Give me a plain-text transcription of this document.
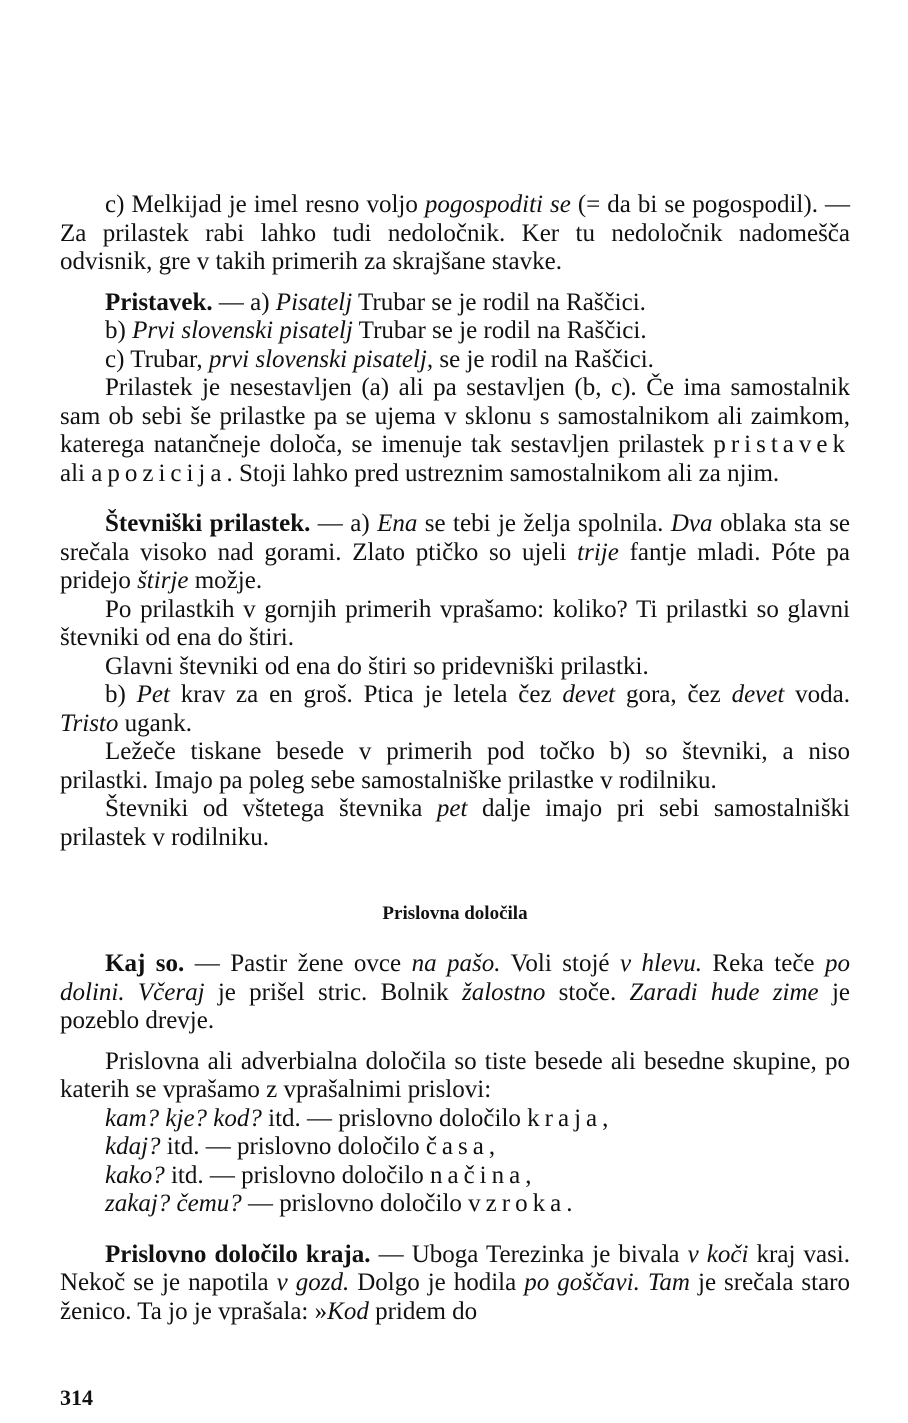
c) Melkijad je imel resno voljo pogospoditi se (= da bi se pogospodil). — Za prilastek rabi lahko tudi nedoločnik. Ker tu nedoločnik nadomešča odvisnik, gre v takih primerih za skrajšane stavke.

Pristavek. — a) Pisatelj Trubar se je rodil na Raščici.

b) Prvi slovenski pisatelj Trubar se je rodil na Raščici.

c) Trubar, prvi slovenski pisatelj, se je rodil na Raščici.

Prilastek je nesestavljen (a) ali pa sestavljen (b, c). Če ima samostalnik sam ob sebi še prilastke pa se ujema v sklonu s samostalnikom ali zaimkom, katerega natančneje določa, se imenuje tak sestavljen prilastek pristavek ali apozicija. Stoji lahko pred ustreznim samostalnikom ali za njim.

Števniški prilastek. — a) Ena se tebi je želja spolnila. Dva oblaka sta se srečala visoko nad gorami. Zlato ptičko so ujeli trije fantje mladi. Póte pa pridejo štirje možje.

Po prilastkih v gornjih primerih vprašamo: koliko? Ti prilastki so glavni števniki od ena do štiri.

Glavni števniki od ena do štiri so pridevniški prilastki.

b) Pet krav za en groš. Ptica je letela čez devet gora, čez devet voda. Tristo ugank.

Ležeče tiskane besede v primerih pod točko b) so števniki, a niso prilastki. Imajo pa poleg sebe samostalniške prilastke v rodilniku.

Števniki od vštetega števnika pet dalje imajo pri sebi samostalniški prilastek v rodilniku.

Prislovna določila

Kaj so. — Pastir žene ovce na pašo. Voli stojé v hlevu. Reka teče po dolini. Včeraj je prišel stric. Bolnik žalostno stoče. Zaradi hude zime je pozeblo drevje.

Prislovna ali adverbialna določila so tiste besede ali besedne skupine, po katerih se vprašamo z vprašalnimi prislovi:

kam? kje? kod? itd. — prislovno določilo kraja,

kdaj? itd. — prislovno določilo časa,

kako? itd. — prislovno določilo načina,

zakaj? čemu? — prislovno določilo vzroka.

Prislovno določilo kraja. — Uboga Terezinka je bivala v koči kraj vasi. Nekoč se je napotila v gozd. Dolgo je hodila po goščavi. Tam je srečala staro ženico. Ta jo je vprašala: »Kod pridem do

314
